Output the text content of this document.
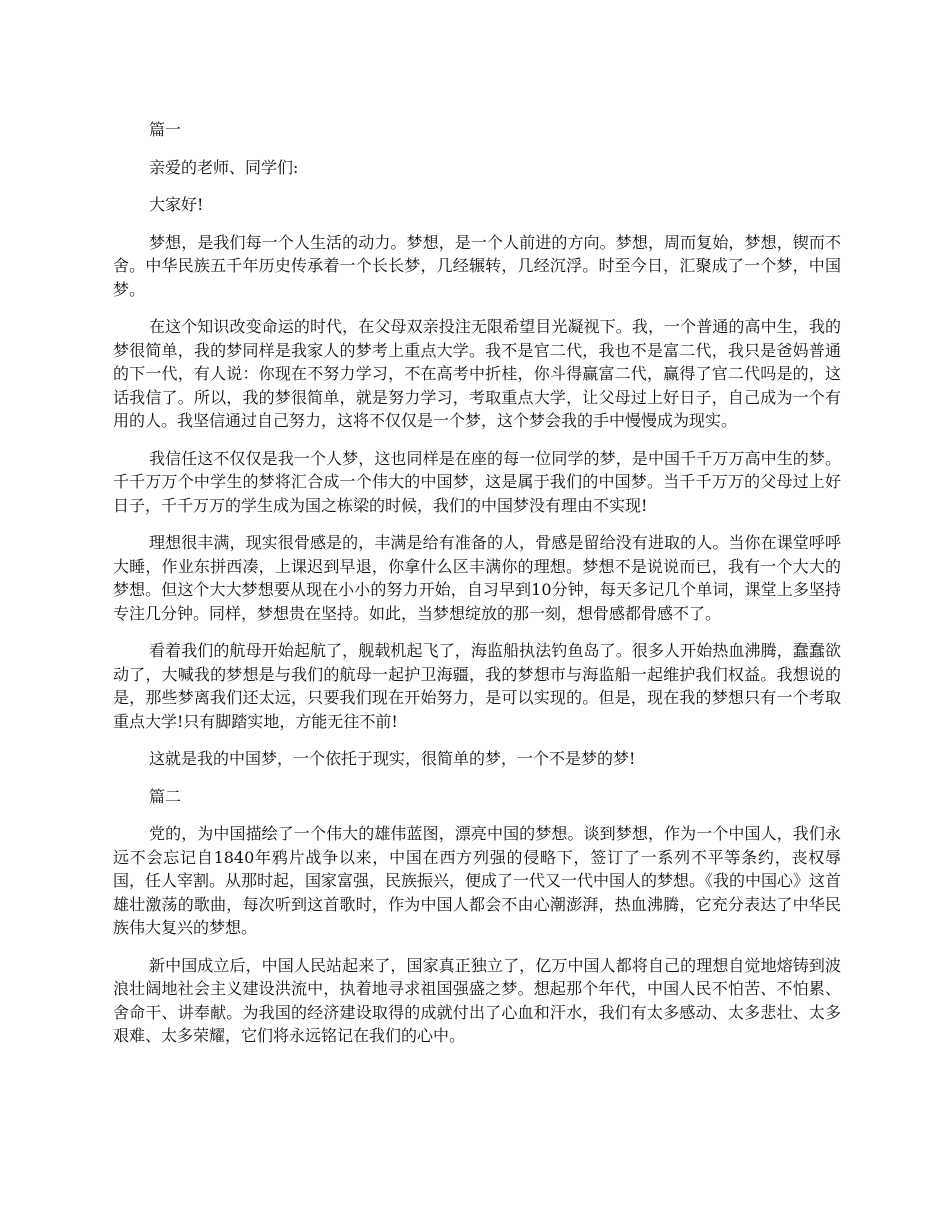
篇一

亲爱的老师、同学们:

大家好!

梦想，是我们每一个人生活的动力。梦想，是一个人前进的方向。梦想，周而复始，梦想，锲而不舍。中华民族五千年历史传承着一个长长梦，几经辗转，几经沉浮。时至今日，汇聚成了一个梦，中国梦。

在这个知识改变命运的时代，在父母双亲投注无限希望目光凝视下。我，一个普通的高中生，我的梦很简单，我的梦同样是我家人的梦考上重点大学。我不是官二代，我也不是富二代，我只是爸妈普通的下一代，有人说：你现在不努力学习，不在高考中折桂，你斗得赢富二代，赢得了官二代吗是的，这话我信了。所以，我的梦很简单，就是努力学习，考取重点大学，让父母过上好日子，自己成为一个有用的人。我坚信通过自己努力，这将不仅仅是一个梦，这个梦会我的手中慢慢成为现实。

我信任这不仅仅是我一个人梦，这也同样是在座的每一位同学的梦，是中国千千万万高中生的梦。千千万万个中学生的梦将汇合成一个伟大的中国梦，这是属于我们的中国梦。当千千万万的父母过上好日子，千千万万的学生成为国之栋梁的时候，我们的中国梦没有理由不实现!

理想很丰满，现实很骨感是的，丰满是给有准备的人，骨感是留给没有进取的人。当你在课堂呼呼大睡，作业东拼西凑，上课迟到早退，你拿什么区丰满你的理想。梦想不是说说而已，我有一个大大的梦想。但这个大大梦想要从现在小小的努力开始，自习早到10分钟，每天多记几个单词，课堂上多坚持专注几分钟。同样，梦想贵在坚持。如此，当梦想绽放的那一刻，想骨感都骨感不了。

看着我们的航母开始起航了，舰载机起飞了，海监船执法钓鱼岛了。很多人开始热血沸腾，蠢蠢欲动了，大喊我的梦想是与我们的航母一起护卫海疆，我的梦想市与海监船一起维护我们权益。我想说的是，那些梦离我们还太远，只要我们现在开始努力，是可以实现的。但是，现在我的梦想只有一个考取重点大学!只有脚踏实地，方能无往不前!

这就是我的中国梦，一个依托于现实，很简单的梦，一个不是梦的梦!

篇二

党的，为中国描绘了一个伟大的雄伟蓝图，漂亮中国的梦想。谈到梦想，作为一个中国人，我们永远不会忘记自1840年鸦片战争以来，中国在西方列强的侵略下，签订了一系列不平等条约，丧权辱国，任人宰割。从那时起，国家富强，民族振兴，便成了一代又一代中国人的梦想。《我的中国心》这首雄壮激荡的歌曲，每次听到这首歌时，作为中国人都会不由心潮澎湃，热血沸腾，它充分表达了中华民族伟大复兴的梦想。

新中国成立后，中国人民站起来了，国家真正独立了，亿万中国人都将自己的理想自觉地熔铸到波浪壮阔地社会主义建设洪流中，执着地寻求祖国强盛之梦。想起那个年代，中国人民不怕苦、不怕累、舍命干、讲奉献。为我国的经济建设取得的成就付出了心血和汗水，我们有太多感动、太多悲壮、太多艰难、太多荣耀，它们将永远铭记在我们的心中。
